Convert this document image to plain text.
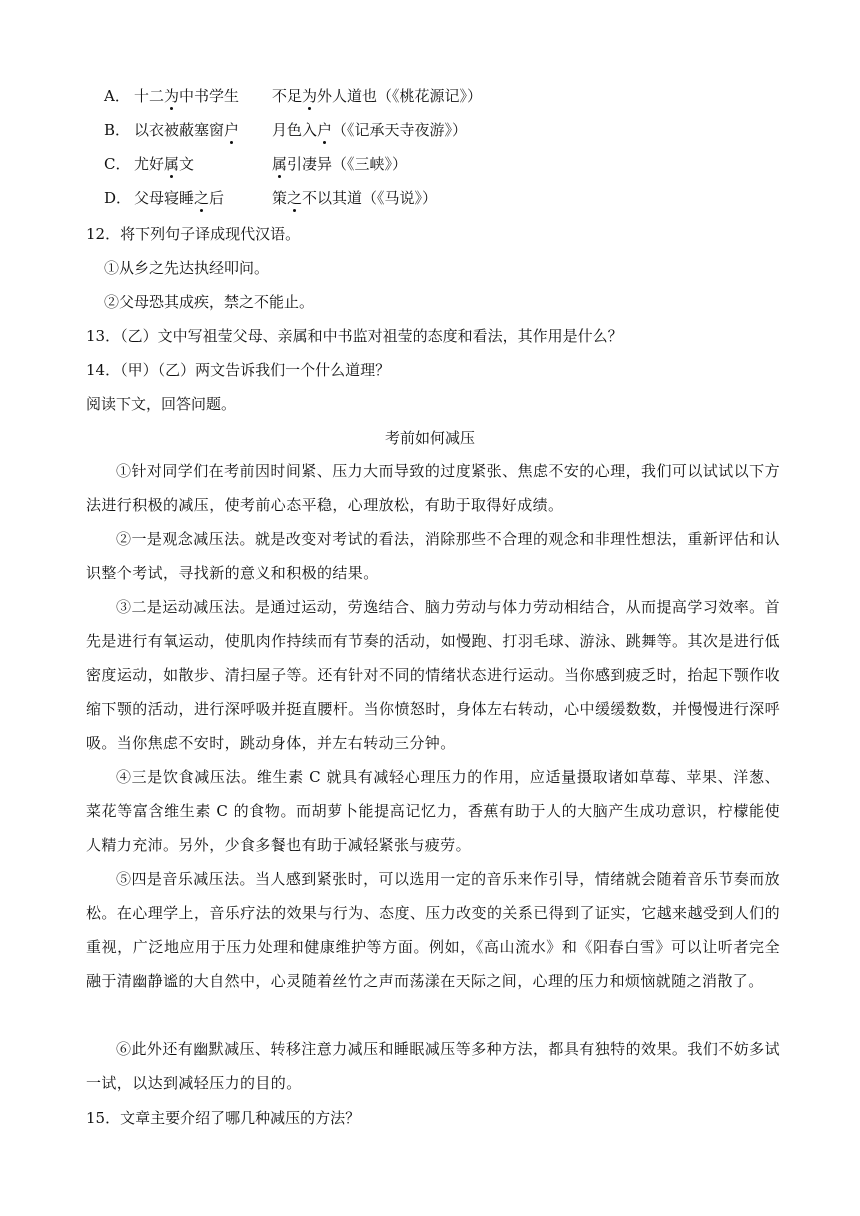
A． 十二为中书学生 不足为外人道也（《桃花源记》）
B． 以衣被蔽塞窗户 月色入户（《记承天寺夜游》）
C． 尤好属文	属引凄异（《三峡》）
D． 父母寝睡之后	策之不以其道（《马说》）
12．将下列句子译成现代汉语。
①从乡之先达执经叩问。
②父母恐其成疾，禁之不能止。
13．（乙）文中写祖莹父母、亲属和中书监对祖莹的态度和看法，其作用是什么？
14．（甲）（乙）两文告诉我们一个什么道理？
阅读下文，回答问题。
考前如何减压
①针对同学们在考前因时间紧、压力大而导致的过度紧张、焦虑不安的心理，我们可以试试以下方法进行积极的减压，使考前心态平稳，心理放松，有助于取得好成绩。
②一是观念减压法。就是改变对考试的看法，消除那些不合理的观念和非理性想法，重新评估和认识整个考试，寻找新的意义和积极的结果。
③二是运动减压法。是通过运动，劳逸结合、脑力劳动与体力劳动相结合，从而提高学习效率。首先是进行有氧运动，使肌肉作持续而有节奏的活动，如慢跑、打羽毛球、游泳、跳舞等。其次是进行低密度运动，如散步、清扫屋子等。还有针对不同的情绪状态进行运动。当你感到疲乏时，抬起下颚作收缩下颚的活动，进行深呼吸并挺直腰杆。当你愤怒时，身体左右转动，心中缓缓数数，并慢慢进行深呼吸。当你焦虑不安时，跳动身体，并左右转动三分钟。
④三是饮食减压法。维生素 C 就具有减轻心理压力的作用，应适量摄取诸如草莓、苹果、洋葱、菜花等富含维生素 C 的食物。而胡萝卜能提高记忆力，香蕉有助于人的大脑产生成功意识，柠檬能使人精力充沛。另外，少食多餐也有助于减轻紧张与疲劳。
⑤四是音乐减压法。当人感到紧张时，可以选用一定的音乐来作引导，情绪就会随着音乐节奏而放松。在心理学上，音乐疗法的效果与行为、态度、压力改变的关系已得到了证实，它越来越受到人们的重视，广泛地应用于压力处理和健康维护等方面。例如，《高山流水》和《阳春白雪》可以让听者完全融于清幽静谧的大自然中，心灵随着丝竹之声而荡漾在天际之间，心理的压力和烦恼就随之消散了。
⑥此外还有幽默减压、转移注意力减压和睡眠减压等多种方法，都具有独特的效果。我们不妨多试一试，以达到减轻压力的目的。
15．文章主要介绍了哪几种减压的方法？
